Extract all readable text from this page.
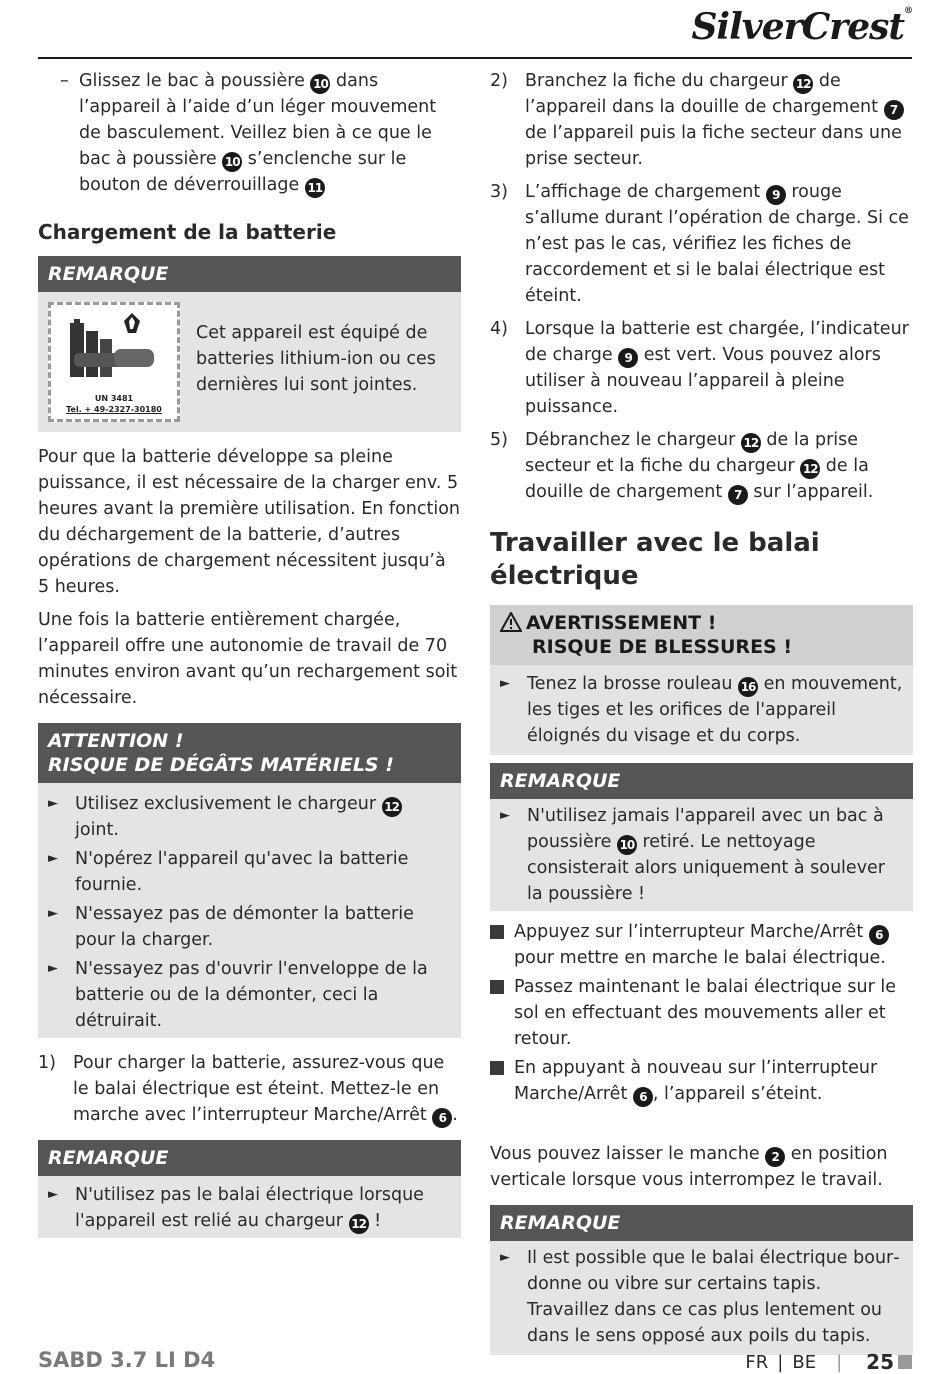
SilverCrest®
– Glissez le bac à poussière 10 dans l’appareil à l’aide d’un léger mouvement de basculement. Veillez bien à ce que le bac à poussière 10 s’enclenche sur le bouton de déverrouillage 11
Chargement de la batterie
REMARQUE
UN 3481
Tel. + 49-2327-30180

Cet appareil est équipé de batteries lithium-ion ou ces dernières lui sont jointes.

Pour que la batterie développe sa pleine puissance, il est nécessaire de la charger env. 5 heures avant la première utilisation. En fonction du déchargement de la batterie, d’autres opérations de chargement nécessitent jusqu’à 5 heures.

Une fois la batterie entièrement chargée, l’appareil offre une autonomie de travail de 70 minutes environ avant qu’un rechargement soit nécessaire.

ATTENTION !
RISQUE DE DÉGÂTS MATÉRIELS !
► Utilisez exclusivement le chargeur 12 joint.
► N'opérez l'appareil qu'avec la batterie fournie.
► N'essayez pas de démonter la batterie pour la charger.
► N'essayez pas d'ouvrir l'enveloppe de la batterie ou de la démonter, ceci la détruirait.
1) Pour charger la batterie, assurez-vous que le balai électrique est éteint. Mettez-le en marche avec l’interrupteur Marche/Arrêt 6 .
REMARQUE
► N'utilisez pas le balai électrique lorsque l'appareil est relié au chargeur 12 !
2) Branchez la fiche du chargeur 12 de l’appareil dans la douille de chargement 7 de l’appareil puis la fiche secteur dans une prise secteur.
3) L’affichage de chargement 9 rouge s’allume durant l’opération de charge. Si ce n’est pas le cas, vérifiez les fiches de raccordement et si le balai électrique est éteint.
4) Lorsque la batterie est chargée, l’indicateur de charge 9 est vert. Vous pouvez alors utiliser à nouveau l’appareil à pleine puissance.
5) Débranchez le chargeur 12 de la prise secteur et la fiche du chargeur 12 de la douille de chargement 7 sur l’appareil.
Travailler avec le balai électrique
AVERTISSEMENT !
RISQUE DE BLESSURES !
► Tenez la brosse rouleau 16 en mouvement, les tiges et les orifices de l'appareil éloignés du visage et du corps.
REMARQUE
► N'utilisez jamais l'appareil avec un bac à poussière 10 retiré. Le nettoyage consisterait alors uniquement à soulever la poussière !
Appuyez sur l’interrupteur Marche/Arrêt 6 pour mettre en marche le balai électrique.
Passez maintenant le balai électrique sur le sol en effectuant des mouvements aller et retour.
En appuyant à nouveau sur l’interrupteur Marche/Arrêt 6 , l’appareil s’éteint.

Vous pouvez laisser le manche 2 en position verticale lorsque vous interrompez le travail.

REMARQUE
► Il est possible que le balai électrique bourdonne ou vibre sur certains tapis. Travaillez dans ce cas plus lentement ou dans le sens opposé aux poils du tapis.
SABD 3.7 LI D4	FR | BE | 25
